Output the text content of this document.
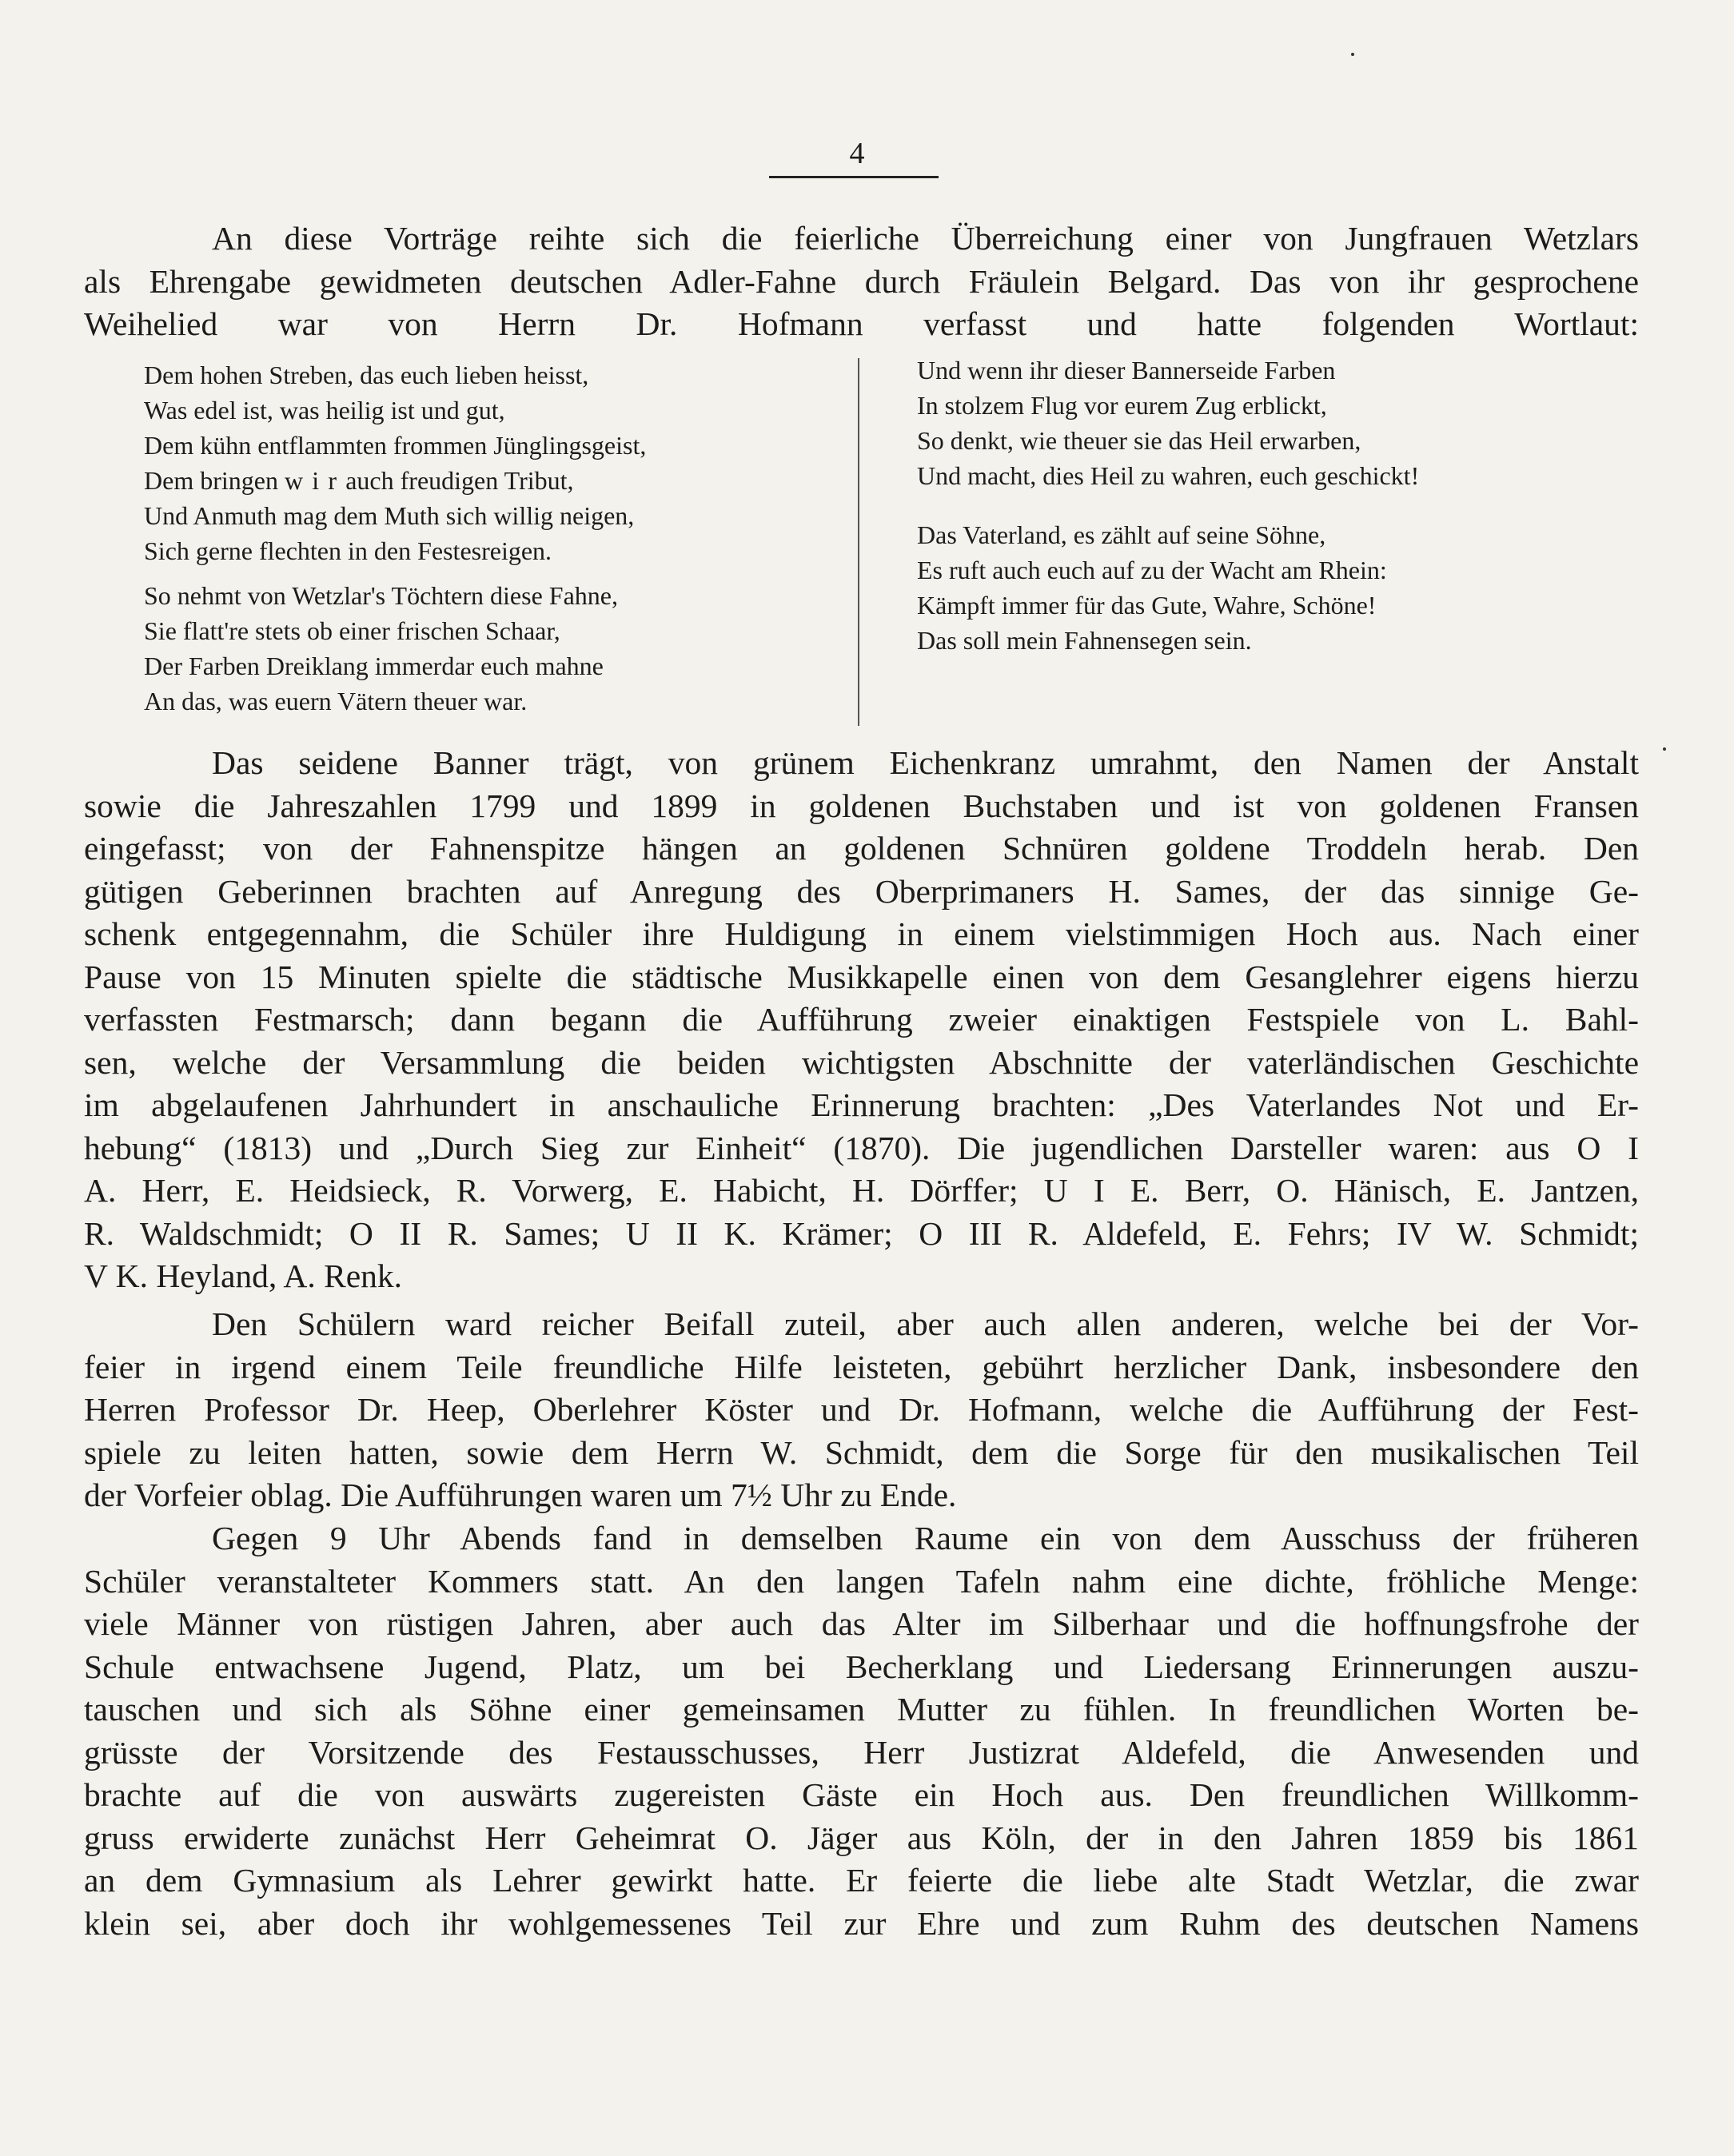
4
An diese Vorträge reihte sich die feierliche Überreichung einer von Jungfrauen Wetzlars
als Ehrengabe gewidmeten deutschen Adler-Fahne durch Fräulein Belgard. Das von ihr gesprochene
Weihelied war von Herrn Dr. Hofmann verfasst und hatte folgenden Wortlaut:
Dem hohen Streben, das euch lieben heisst,
Was edel ist, was heilig ist und gut,
Dem kühn entflammten frommen Jünglingsgeist,
Dem bringen wirauch freudigen Tribut,
Und Anmuth mag dem Muth sich willig neigen,
Sich gerne flechten in den Festesreigen.
So nehmt von Wetzlar's Töchtern diese Fahne,
Sie flatt're stets ob einer frischen Schaar,
Der Farben Dreiklang immerdar euch mahne
An das, was euern Vätern theuer war.
Und wenn ihr dieser Bannerseide Farben
In stolzem Flug vor eurem Zug erblickt,
So denkt, wie theuer sie das Heil erwarben,
Und macht, dies Heil zu wahren, euch geschickt!
Das Vaterland, es zählt auf seine Söhne,
Es ruft auch euch auf zu der Wacht am Rhein:
Kämpft immer für das Gute, Wahre, Schöne!
Das soll mein Fahnensegen sein.
Das seidene Banner trägt, von grünem Eichenkranz umrahmt, den Namen der Anstalt
sowie die Jahreszahlen 1799 und 1899 in goldenen Buchstaben und ist von goldenen Fransen
eingefasst; von der Fahnenspitze hängen an goldenen Schnüren goldene Troddeln herab. Den
gütigen Geberinnen brachten auf Anregung des Oberprimaners H. Sames, der das sinnige Ge-
schenk entgegennahm, die Schüler ihre Huldigung in einem vielstimmigen Hoch aus. Nach einer
Pause von 15 Minuten spielte die städtische Musikkapelle einen von dem Gesanglehrer eigens hierzu
verfassten Festmarsch; dann begann die Aufführung zweier einaktigen Festspiele von L. Bahl-
sen, welche der Versammlung die beiden wichtigsten Abschnitte der vaterländischen Geschichte
im abgelaufenen Jahrhundert in anschauliche Erinnerung brachten: „Des Vaterlandes Not und Er-
hebung“ (1813) und „Durch Sieg zur Einheit“ (1870). Die jugendlichen Darsteller waren: aus O I
A. Herr, E. Heidsieck, R. Vorwerg, E. Habicht, H. Dörffer; U I E. Berr, O. Hänisch, E. Jantzen,
R. Waldschmidt; O II R. Sames; U II K. Krämer; O III R. Aldefeld, E. Fehrs; IV W. Schmidt;
V K. Heyland, A. Renk.
Den Schülern ward reicher Beifall zuteil, aber auch allen anderen, welche bei der Vor-
feier in irgend einem Teile freundliche Hilfe leisteten, gebührt herzlicher Dank, insbesondere den
Herren Professor Dr. Heep, Oberlehrer Köster und Dr. Hofmann, welche die Aufführung der Fest-
spiele zu leiten hatten, sowie dem Herrn W. Schmidt, dem die Sorge für den musikalischen Teil
der Vorfeier oblag. Die Aufführungen waren um 7½ Uhr zu Ende.
Gegen 9 Uhr Abends fand in demselben Raume ein von dem Ausschuss der früheren
Schüler veranstalteter Kommers statt. An den langen Tafeln nahm eine dichte, fröhliche Menge:
viele Männer von rüstigen Jahren, aber auch das Alter im Silberhaar und die hoffnungsfrohe der
Schule entwachsene Jugend, Platz, um bei Becherklang und Liedersang Erinnerungen auszu-
tauschen und sich als Söhne einer gemeinsamen Mutter zu fühlen. In freundlichen Worten be-
grüsste der Vorsitzende des Festausschusses, Herr Justizrat Aldefeld, die Anwesenden und
brachte auf die von auswärts zugereisten Gäste ein Hoch aus. Den freundlichen Willkomm-
gruss erwiderte zunächst Herr Geheimrat O. Jäger aus Köln, der in den Jahren 1859 bis 1861
an dem Gymnasium als Lehrer gewirkt hatte. Er feierte die liebe alte Stadt Wetzlar, die zwar
klein sei, aber doch ihr wohlgemessenes Teil zur Ehre und zum Ruhm des deutschen Namens
